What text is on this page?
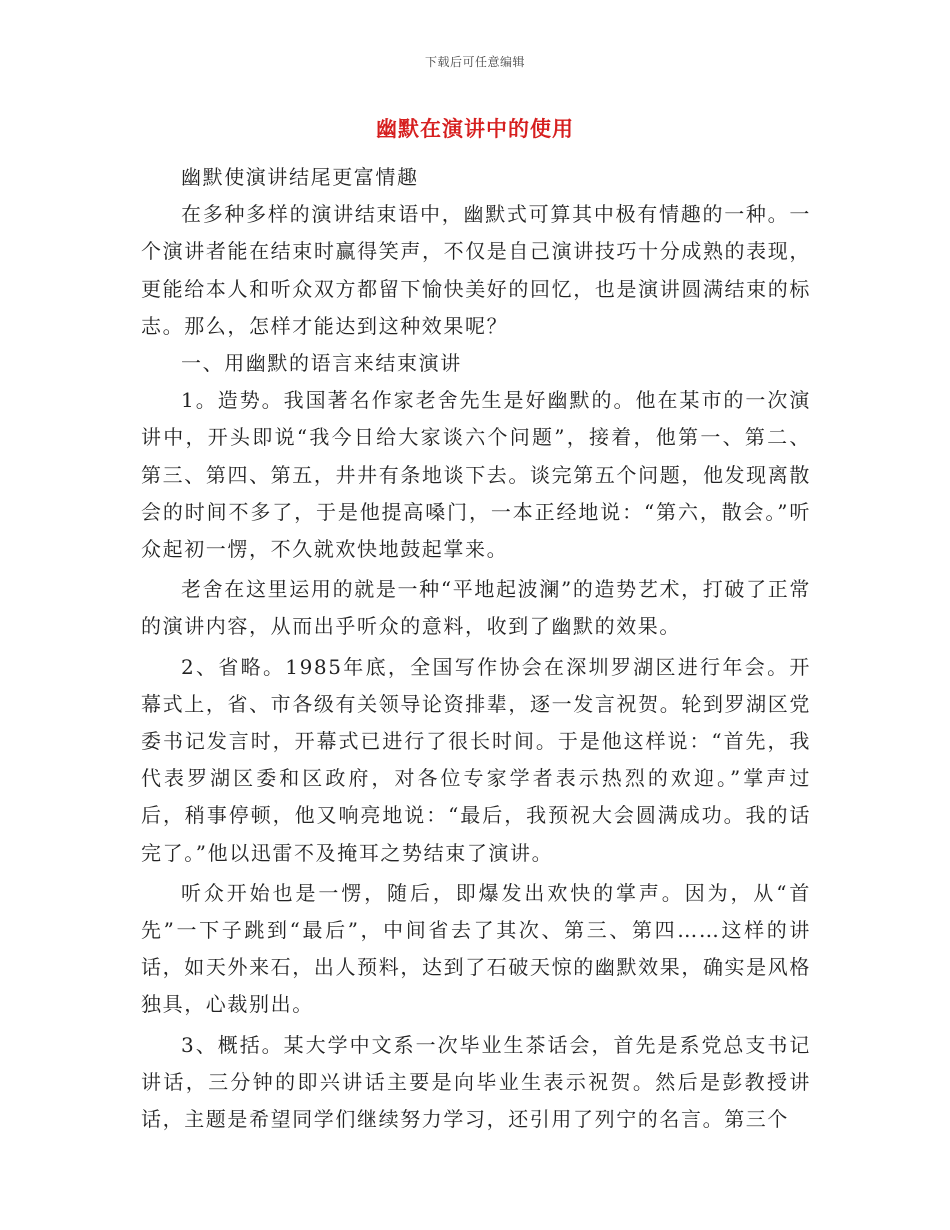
下载后可任意编辑
幽默在演讲中的使用

幽默使演讲结尾更富情趣

在多种多样的演讲结束语中，幽默式可算其中极有情趣的一种。一个演讲者能在结束时赢得笑声，不仅是自己演讲技巧十分成熟的表现，更能给本人和听众双方都留下愉快美好的回忆，也是演讲圆满结束的标志。那么，怎样才能达到这种效果呢？

一、用幽默的语言来结束演讲

1。造势。我国著名作家老舍先生是好幽默的。他在某市的一次演讲中，开头即说“我今日给大家谈六个问题”，接着，他第一、第二、第三、第四、第五，井井有条地谈下去。谈完第五个问题，他发现离散会的时间不多了，于是他提高嗓门，一本正经地说：“第六，散会。”听众起初一愣，不久就欢快地鼓起掌来。

老舍在这里运用的就是一种“平地起波澜”的造势艺术，打破了正常的演讲内容，从而出乎听众的意料，收到了幽默的效果。

2、省略。1985年底，全国写作协会在深圳罗湖区进行年会。开幕式上，省、市各级有关领导论资排辈，逐一发言祝贺。轮到罗湖区党委书记发言时，开幕式已进行了很长时间。于是他这样说：“首先，我代表罗湖区委和区政府，对各位专家学者表示热烈的欢迎。”掌声过后，稍事停顿，他又响亮地说：“最后，我预祝大会圆满成功。我的话完了。”他以迅雷不及掩耳之势结束了演讲。

听众开始也是一愣，随后，即爆发出欢快的掌声。因为，从“首先”一下子跳到“最后”，中间省去了其次、第三、第四……这样的讲话，如天外来石，出人预料，达到了石破天惊的幽默效果，确实是风格独具，心裁别出。

3、概括。某大学中文系一次毕业生茶话会，首先是系党总支书记讲话，三分钟的即兴讲话主要是向毕业生表示祝贺。然后是彭教授讲话，主题是希望同学们继续努力学习，还引用了列宁的名言。第三个
